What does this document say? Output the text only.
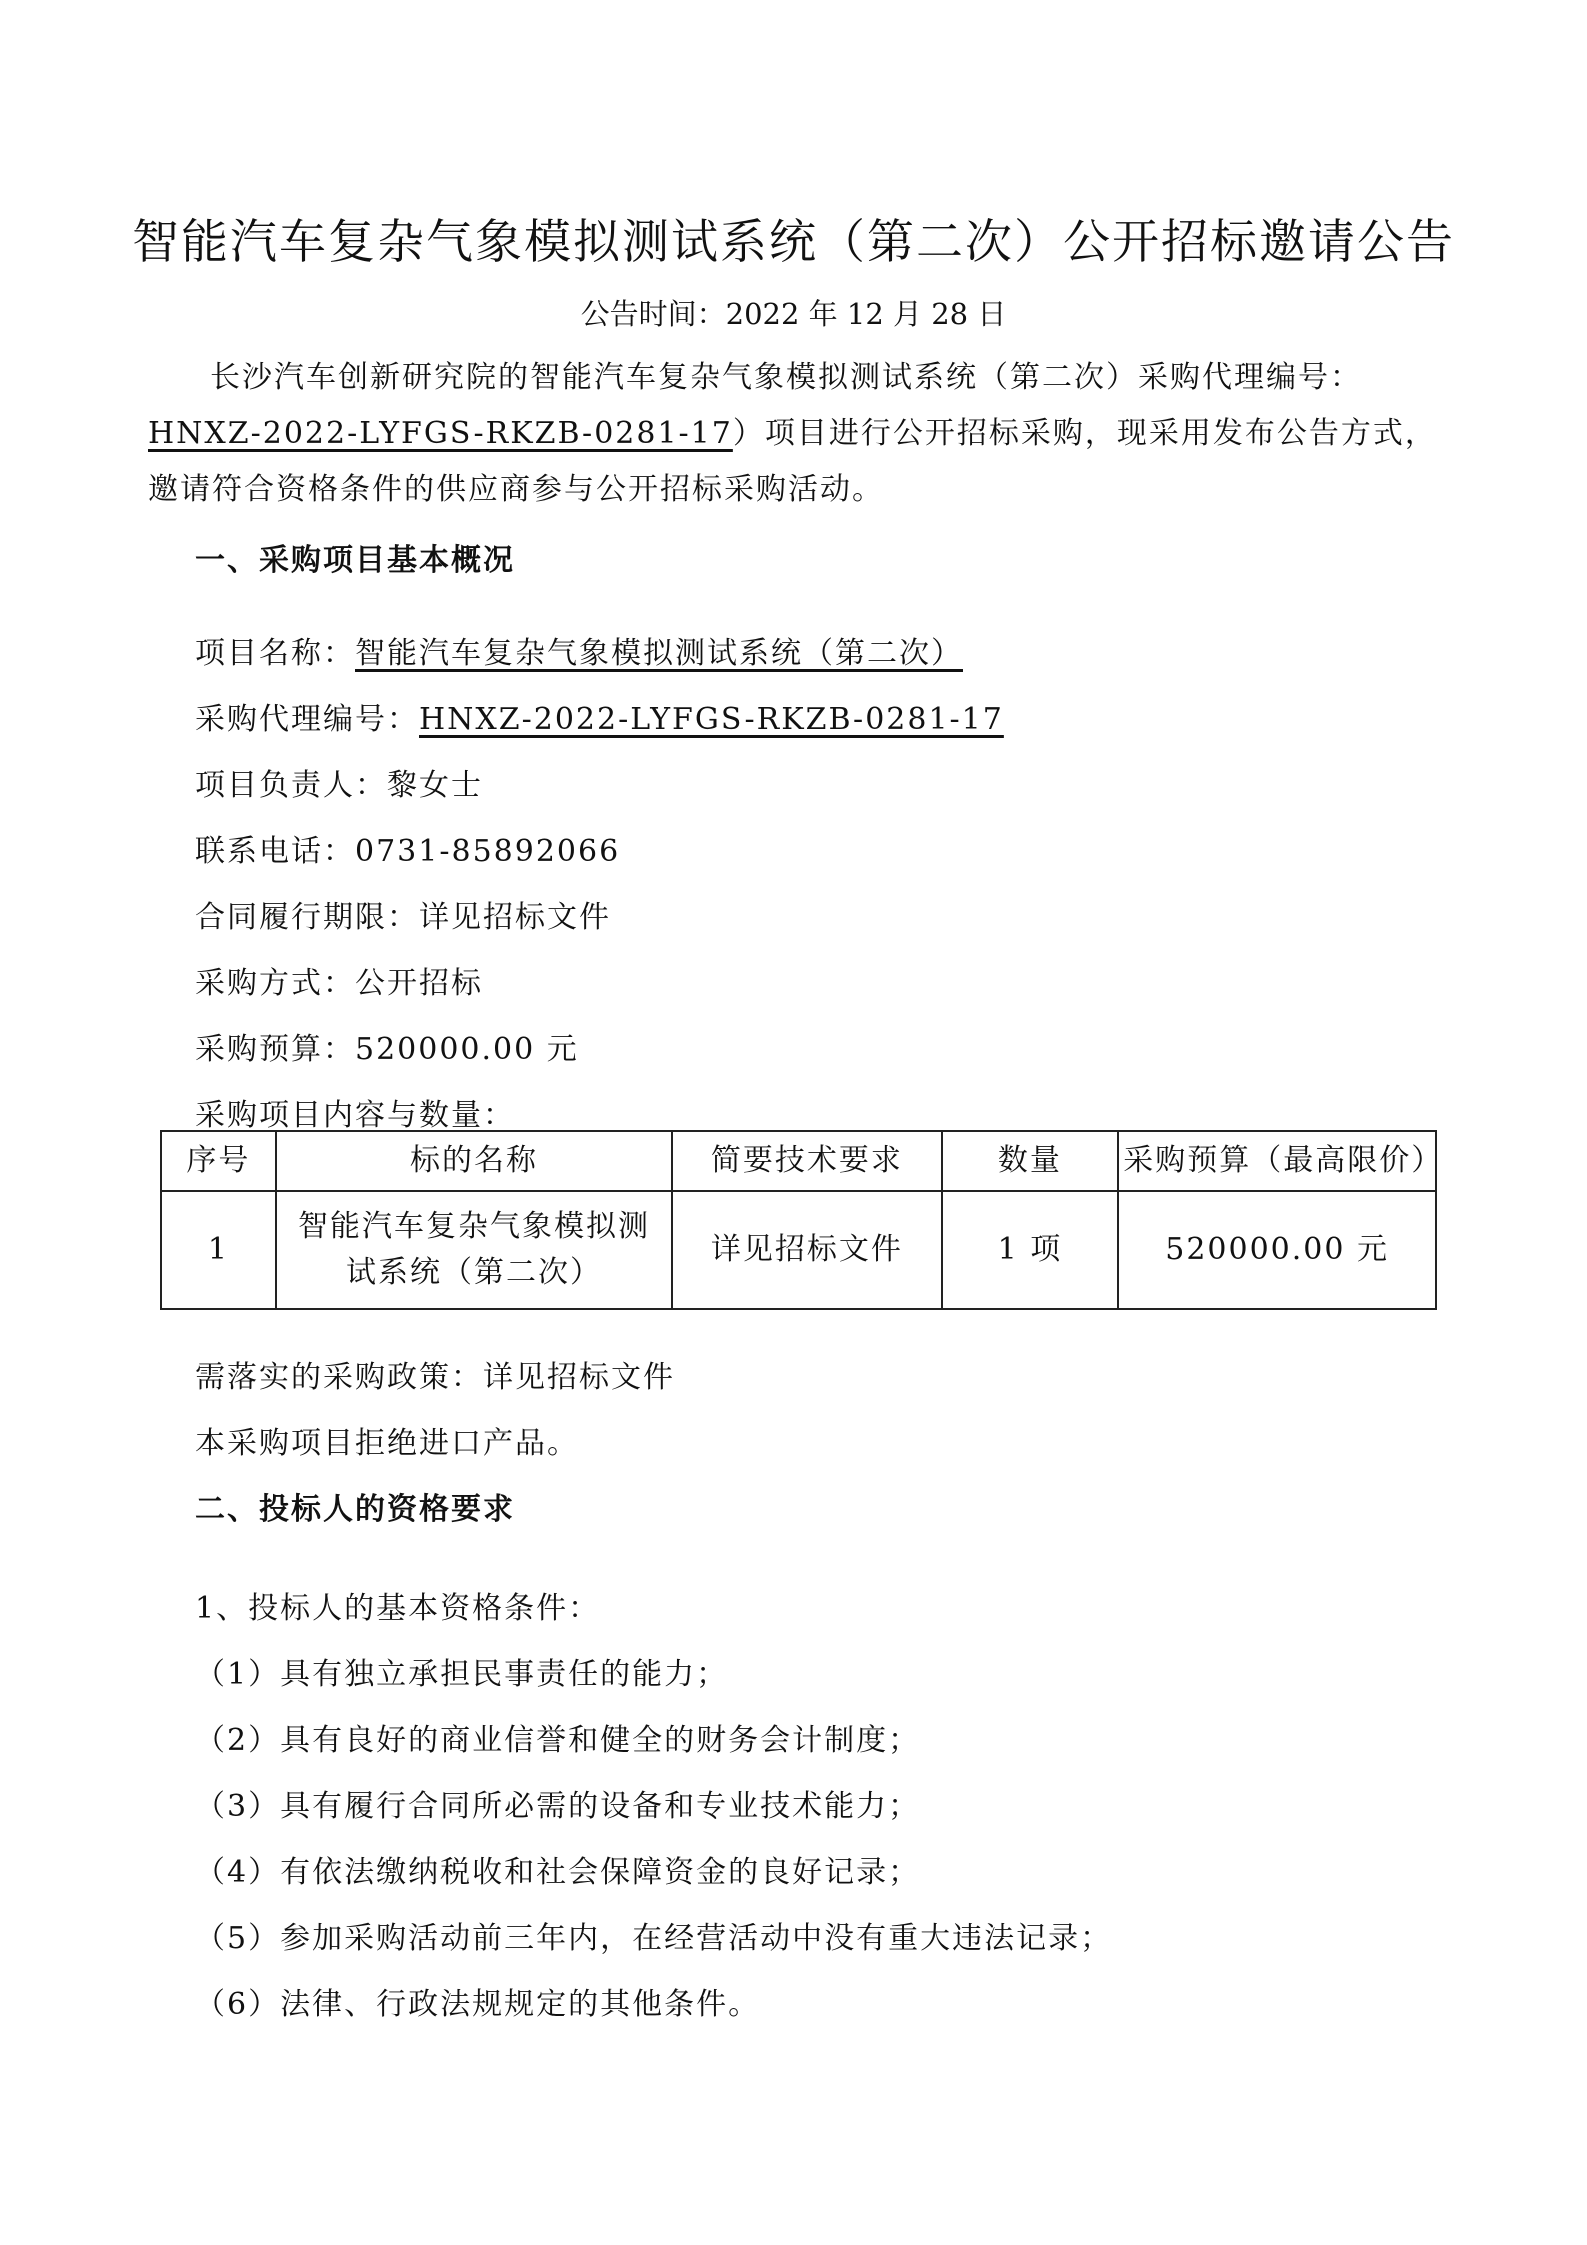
智能汽车复杂气象模拟测试系统（第二次）公开招标邀请公告
公告时间：2022 年 12 月 28 日
长沙汽车创新研究院的智能汽车复杂气象模拟测试系统（第二次）采购代理编号：HNXZ-2022-LYFGS-RKZB-0281-17）项目进行公开招标采购，现采用发布公告方式，邀请符合资格条件的供应商参与公开招标采购活动。
一、采购项目基本概况
项目名称：智能汽车复杂气象模拟测试系统（第二次）
采购代理编号：HNXZ-2022-LYFGS-RKZB-0281-17
项目负责人：黎女士
联系电话：0731-85892066
合同履行期限：详见招标文件
采购方式：公开招标
采购预算：520000.00 元
采购项目内容与数量：
序号	标的名称	简要技术要求	数量	采购预算（最高限价）
1	智能汽车复杂气象模拟测试系统（第二次）	详见招标文件	1 项	520000.00 元
需落实的采购政策：详见招标文件
本采购项目拒绝进口产品。
二、投标人的资格要求
1、投标人的基本资格条件：
（1）具有独立承担民事责任的能力；
（2）具有良好的商业信誉和健全的财务会计制度；
（3）具有履行合同所必需的设备和专业技术能力；
（4）有依法缴纳税收和社会保障资金的良好记录；
（5）参加采购活动前三年内，在经营活动中没有重大违法记录；
（6）法律、行政法规规定的其他条件。
